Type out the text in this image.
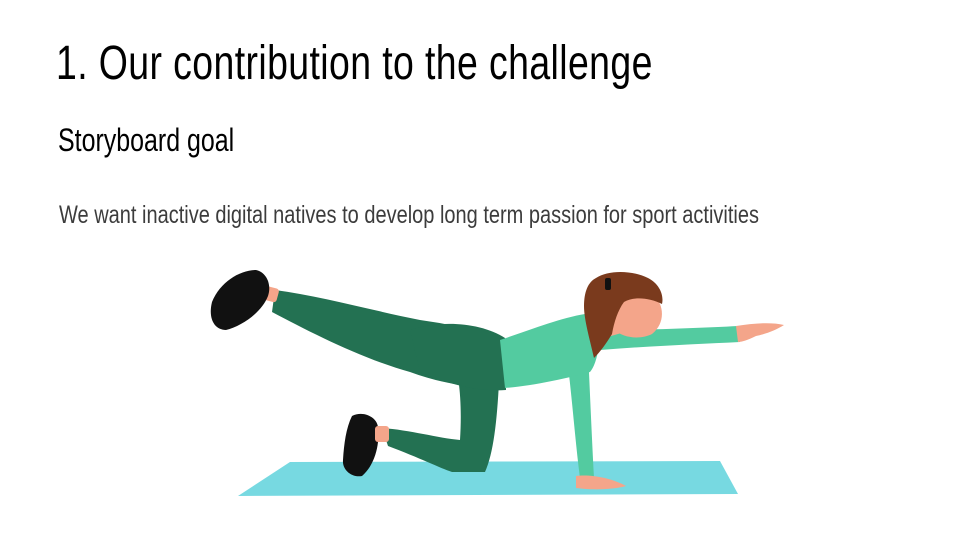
1. Our contribution to the challenge
Storyboard goal
We want inactive digital natives to develop long term passion for sport activities
